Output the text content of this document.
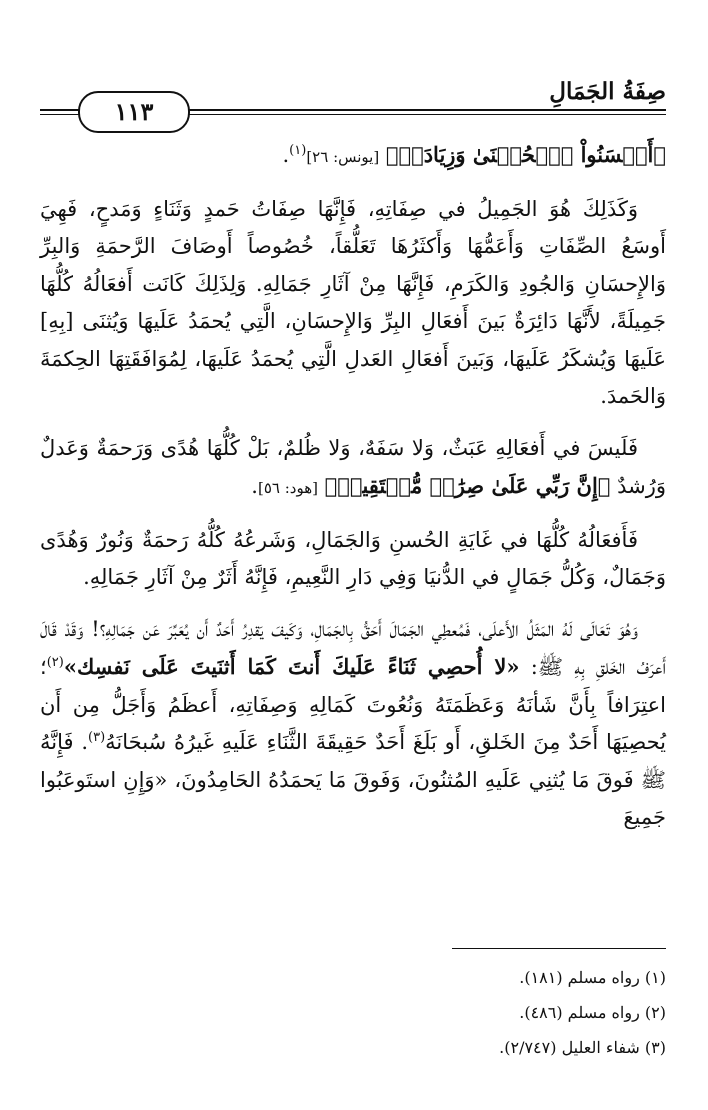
١١٣
صِفَةُ الجَمَالِ

﴿أَحۡسَنُواْ ٱلۡحُسۡنَىٰ وَزِيَادَةٞ﴾ [يونس: ٢٦]$^{(١)}$.

وَكَذَلِكَ هُوَ الجَمِيلُ في صِفَاتِهِ، فَإِنَّهَا صِفَاتُ حَمدٍ وَثَنَاءٍ وَمَدحٍ، فَهِيَ أَوسَعُ الصِّفَاتِ وَأَعَمُّهَا وَأَكثَرُهَا تَعَلُّقاً، خُصُوصاً أَوصَافَ الرَّحمَةِ وَالبِرِّ وَالإِحسَانِ وَالجُودِ وَالكَرَمِ، فَإِنَّهَا مِنْ آثَارِ جَمَالِهِ. وَلِذَلِكَ كَانَت أَفعَالُهُ كُلُّهَا جَمِيلَةً، لأَنَّهَا دَائِرَةٌ بَينَ أَفعَالِ البِرِّ وَالإِحسَانِ، الَّتِي يُحمَدُ عَلَيهَا وَيُثنَى [بِهِ] عَلَيهَا وَيُشكَرُ عَلَيهَا، وَبَينَ أَفعَالِ العَدلِ الَّتِي يُحمَدُ عَلَيهَا، لِمُوَافَقَتِهَا الحِكمَةَ وَالحَمدَ.

فَلَيسَ في أَفعَالِهِ عَبَثٌ، وَلا سَفَهٌ، وَلا ظُلمٌ، بَلْ كُلُّهَا هُدًى وَرَحمَةٌ وَعَدلٌ وَرُشدٌ ﴿إِنَّ رَبِّي عَلَىٰ صِرَٰطٖ مُّسۡتَقِيمٖ﴾ [هود: ٥٦].

فَأَفعَالُهُ كُلُّهَا في غَايَةِ الحُسنِ وَالجَمَالِ، وَشَرعُهُ كُلُّهُ رَحمَةٌ وَنُورٌ وَهُدًى وَجَمَالٌ، وَكُلُّ جَمَالٍ في الدُّنيَا وَفِي دَارِ النَّعِيمِ، فَإِنَّهُ أَثَرٌ مِنْ آثَارِ جَمَالِهِ.

وَهُوَ تَعَالَى لَهُ المَثَلُ الأَعلَى، فَمُعطِي الجَمَالَ أَحَقُّ بِالجَمَالِ، وَكَيفَ يَقدِرُ أَحَدٌ أَن يُعَبِّرَ عَن جَمَالِهِ؟! وَقَدْ قَالَ أَعرَفُ الخَلقِ بِهِ ﷺ: «لا أُحصِي ثَنَاءً عَلَيكَ أَنتَ كَمَا أَثنَيتَ عَلَى نَفسِك»$^{(٢)}$؛ اعتِرَافاً بِأَنَّ شَأنَهُ وَعَظَمَتَهُ وَنُعُوتَ كَمَالِهِ وَصِفَاتِهِ، أَعظَمُ وَأَجَلُّ مِن أَن يُحصِيَهَا أَحَدٌ مِنَ الخَلقِ، أَو بَلَغَ أَحَدٌ حَقِيقَةَ الثَّنَاءِ عَلَيهِ غَيرُهُ سُبحَانَهُ$^{(٣)}$. فَإِنَّهُ ﷺ فَوقَ مَا يُثنِي عَلَيهِ المُثنُونَ، وَفَوقَ مَا يَحمَدُهُ الحَامِدُونَ، «وَإِنِ استَوعَبُوا جَمِيعَ

(١) رواه مسلم (١٨١).
(٢) رواه مسلم (٤٨٦).
(٣) شفاء العليل (٢/٧٤٧).
